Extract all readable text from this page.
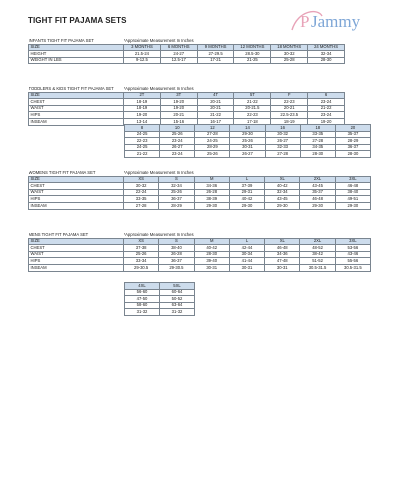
TIGHT FIT PAJAMA SETS	P Jammy
INFANTS TIGHT FIT PAJAMA SET	*Approximate Measurement In Inches					
SIZE	3 MONTHS	6 MONTHS	9 MONTHS	12 MONTHS	18 MONTHS	24 MONTHS
HEIGHT	21.5-24	24-27	27-29.5	28.5-30	30-32	32-34
WEIGHT IN LBS	9-12.5	12.5-17	17-21	21-25	25-28	28-30
TODDLERS & KIDS TIGHT FIT PAJAMA SET	*Approximate Measurement In Inches					
SIZE	2T	3T	4T	5T	F	6
CHEST	18-19	19-20	20-21	21-22	22-23	23-24
WAIST	18-19	19-20	20-21	20-21.5	20-21	21-22
HIPS	19-20	20-21	21-22	22-23	22.5-23.5	23-24
INSEAM	13-14	15-16	16-17	17-18	18-19	19-20
8	10	12	14	16	18	20
24-25	25-26	27-28	29-30	30-32	33-35	35-37
22-23	23-24	24-25	25-26	26-27	27-28	28-29
24-25	26-27	28-29	30-31	32-33	34-35	36-37
21-22	23-24	25-26	26-27	27-28	28-30	28-30
WOMENS TIGHT FIT PAJAMA SET	*Approximate Measurement In Inches						
SIZE	XS	S	M	L	XL	2XL	3XL
CHEST	30-32	32-34	34-36	37-39	40-42	43-45	46-48
WAIST	22-24	25-26	26-28	29-31	32-34	35-37	38-40
HIPS	33-35	36-37	38-39	40-42	43-45	46-48	49-51
INSEAM	27-28	28-29	29-30	29-30	29-30	29-30	29-30
MENS TIGHT FIT PAJAMA SET	*Approximate Measurement In Inches						
SIZE	XS	S	M	L	XL	2XL	3XL
CHEST	37-38	38-40	40-42	42-44	46-48	48-52	53-56
WAIST	25-26	26-28	28-30	30-34	34-36	38-42	43-46
HIPS	33-34	36-37	39-40	41-44	47-48	51-52	55-56
INSEAM	29-30.5	29-30.5	30-31	30-31	30-31	30.5-31.5	30.5-31.5
4XL	5XL
56-60	60-64
47-50	50-52
58-60	63-64
31-32	31-32
